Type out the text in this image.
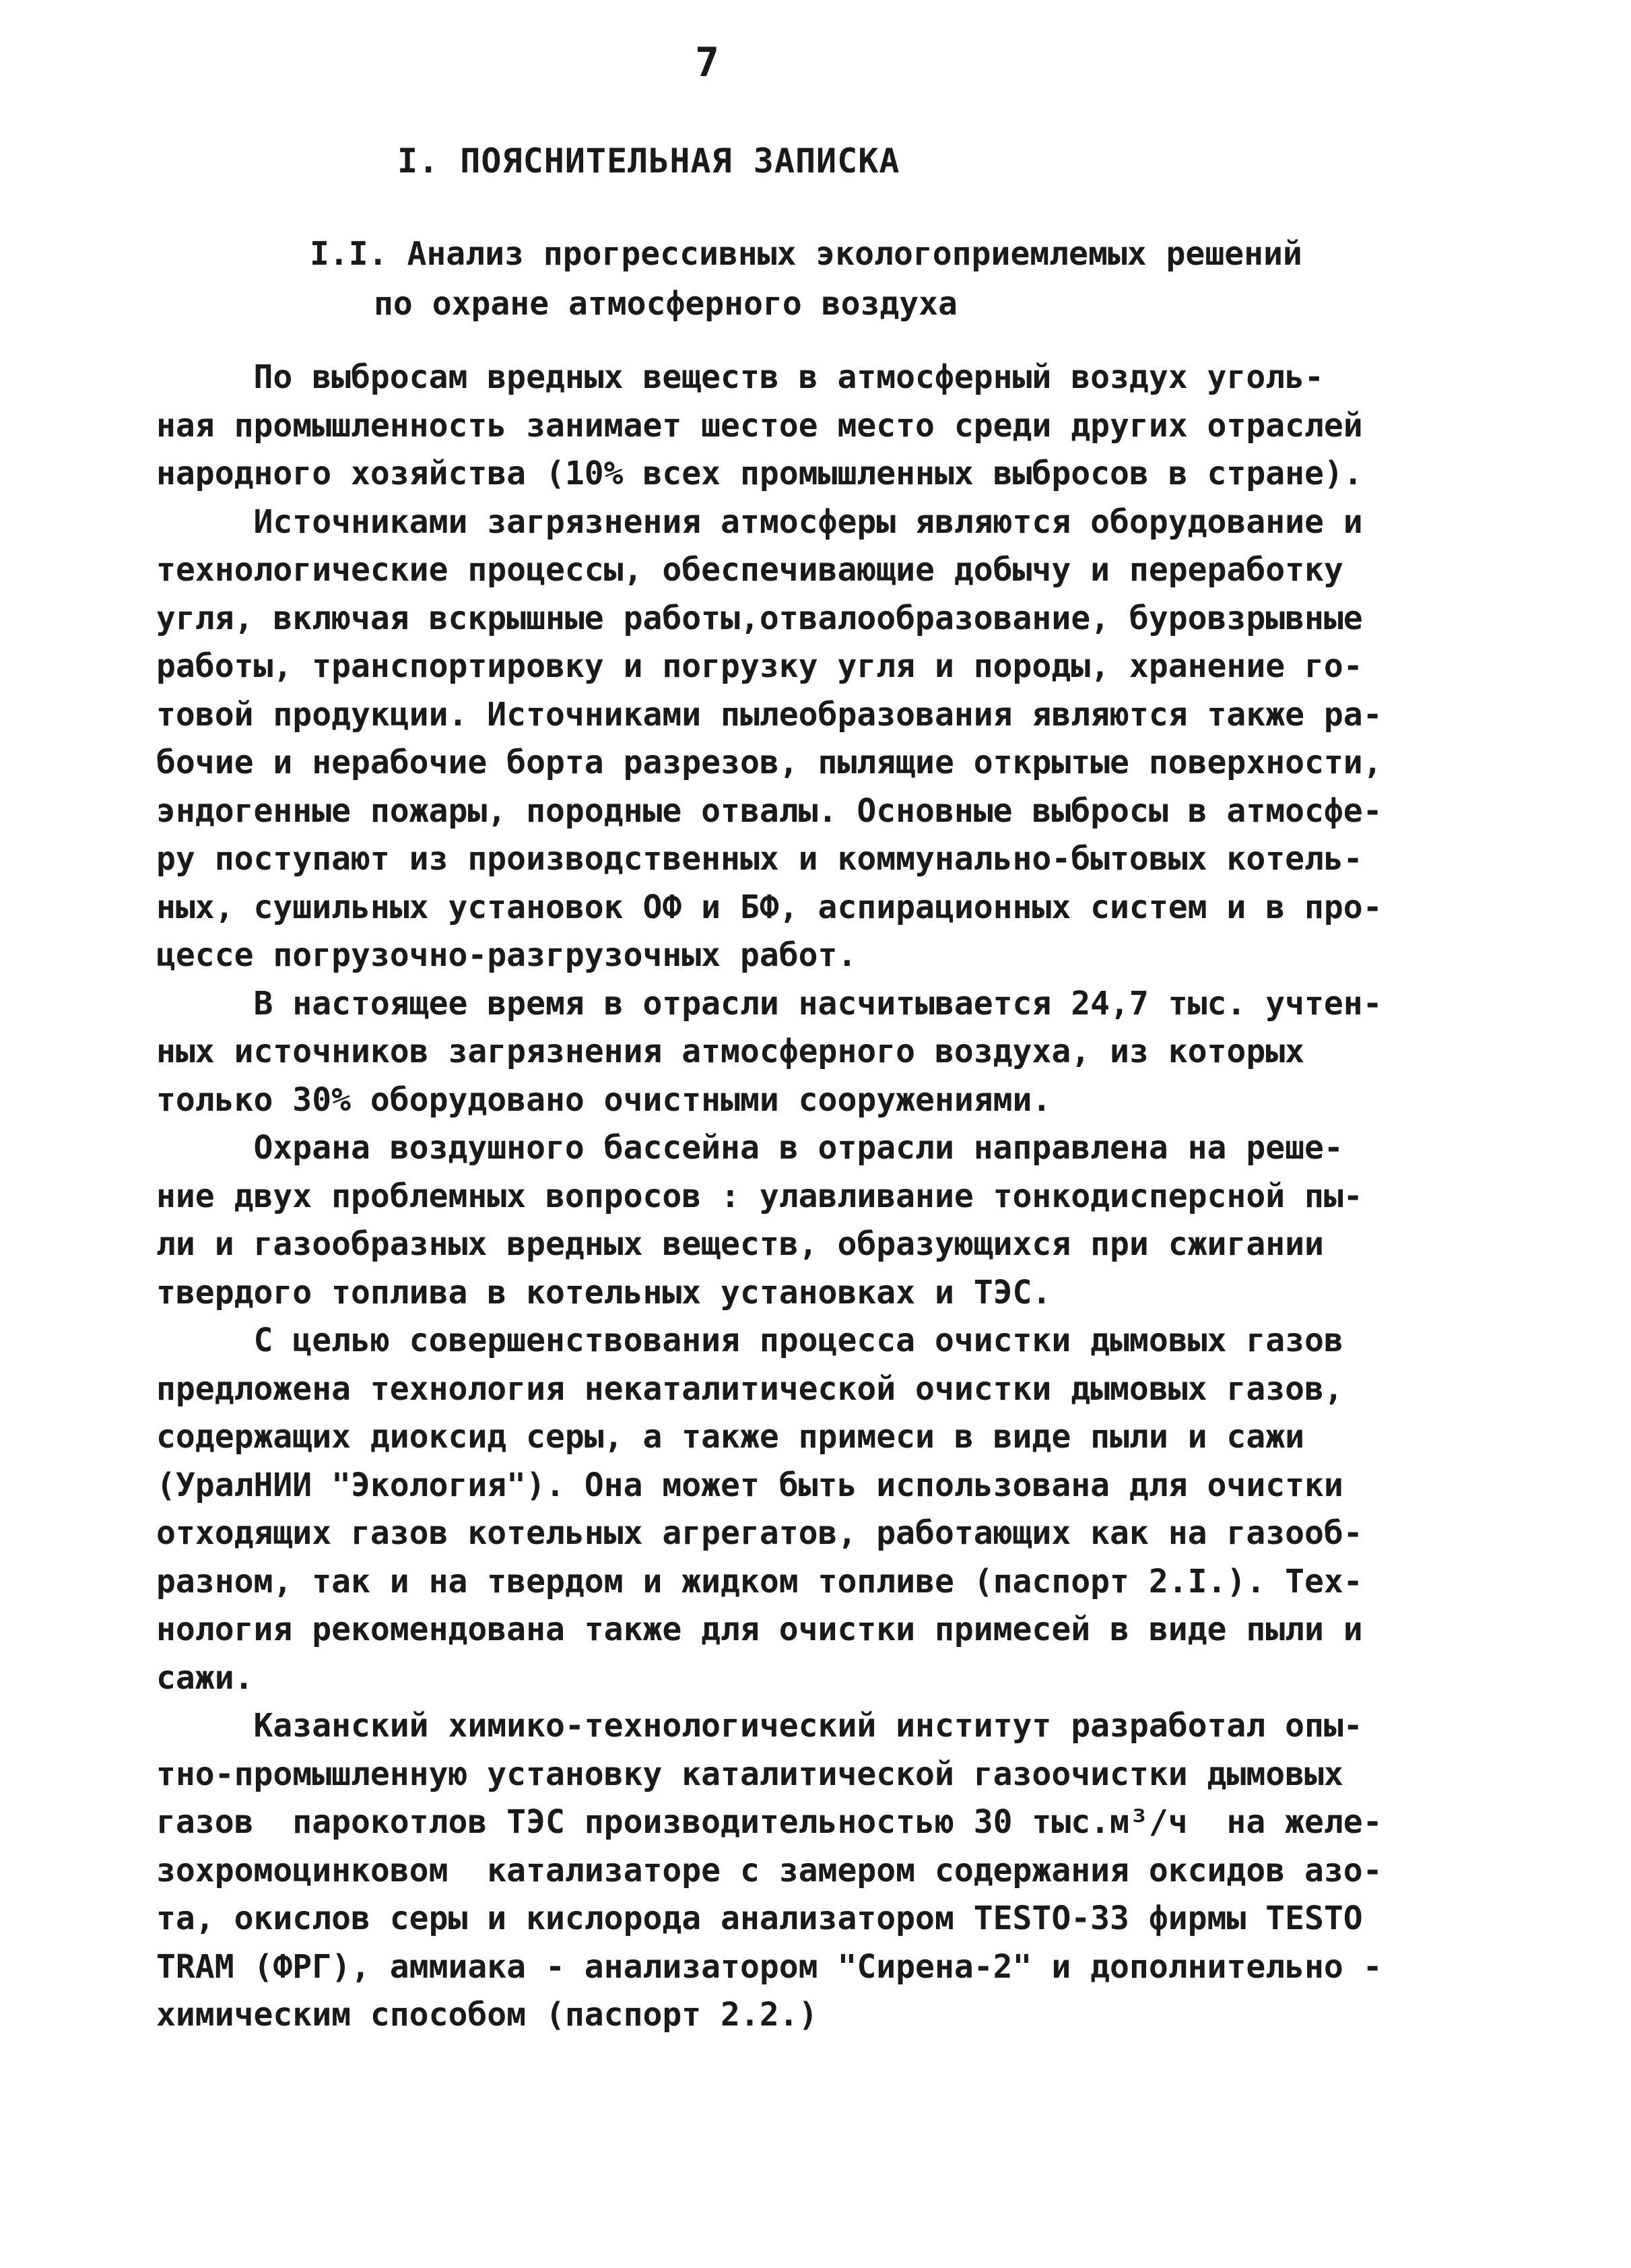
7
I. ПОЯСНИТЕЛЬНАЯ ЗАПИСКА
I.I. Анализ прогрессивных экологоприемлемых решений
по охране атмосферного воздуха
По выбросам вредных веществ в атмосферный воздух уголь-
ная промышленность занимает шестое место среди других отраслей
народного хозяйства (10% всех промышленных выбросов в стране).
Источниками загрязнения атмосферы являются оборудование и
технологические процессы, обеспечивающие добычу и переработку
угля, включая вскрышные работы,отвалообразование, буровзрывные
работы, транспортировку и погрузку угля и породы, хранение го-
товой продукции. Источниками пылеобразования являются также ра-
бочие и нерабочие борта разрезов, пылящие открытые поверхности,
эндогенные пожары, породные отвалы. Основные выбросы в атмосфе-
ру поступают из производственных и коммунально-бытовых котель-
ных, сушильных установок ОФ и БФ, аспирационных систем и в про-
цессе погрузочно-разгрузочных работ.
В настоящее время в отрасли насчитывается 24,7 тыс. учтен-
ных источников загрязнения атмосферного воздуха, из которых
только 30% оборудовано очистными сооружениями.
Охрана воздушного бассейна в отрасли направлена на реше-
ние двух проблемных вопросов : улавливание тонкодисперсной пы-
ли и газообразных вредных веществ, образующихся при сжигании
твердого топлива в котельных установках и ТЭС.
С целью совершенствования процесса очистки дымовых газов
предложена технология некаталитической очистки дымовых газов,
содержащих диоксид серы, а также примеси в виде пыли и сажи
(УралНИИ "Экология"). Она может быть использована для очистки
отходящих газов котельных агрегатов, работающих как на газооб-
разном, так и на твердом и жидком топливе (паспорт 2.I.). Тех-
нология рекомендована также для очистки примесей в виде пыли и
сажи.
Казанский химико-технологический институт разработал опы-
тно-промышленную установку каталитической газоочистки дымовых
газов  парокотлов ТЭС производительностью 30 тыс.м³/ч  на желе-
зохромоцинковом  катализаторе с замером содержания оксидов азо-
та, окислов серы и кислорода анализатором TESTO-33 фирмы TESTO
TRAM (ФРГ), аммиака - анализатором "Сирена-2" и дополнительно -
химическим способом (паспорт 2.2.)
